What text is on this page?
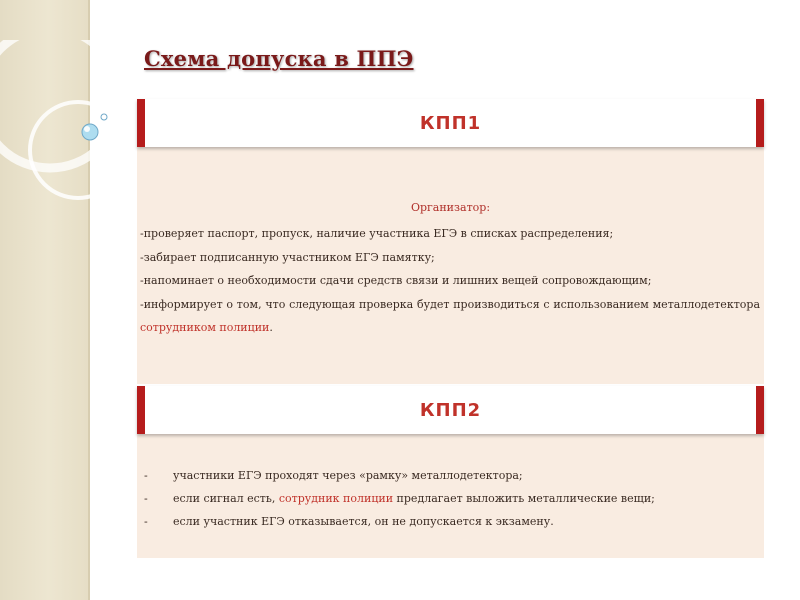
Схема допуска в ППЭ
КПП1
Организатор:
-проверяет паспорт, пропуск, наличие участника ЕГЭ в списках распределения;
-забирает подписанную участником ЕГЭ памятку;
-напоминает о необходимости сдачи средств связи и лишних вещей сопровождающим;
-информирует о том, что следующая проверка будет производиться с использованием металлодетектора сотрудником полиции.
КПП2
-	участники ЕГЭ проходят через «рамку» металлодетектора;
-	если сигнал есть, сотрудник полиции предлагает выложить металлические вещи;
-	если участник ЕГЭ отказывается, он не допускается к экзамену.
